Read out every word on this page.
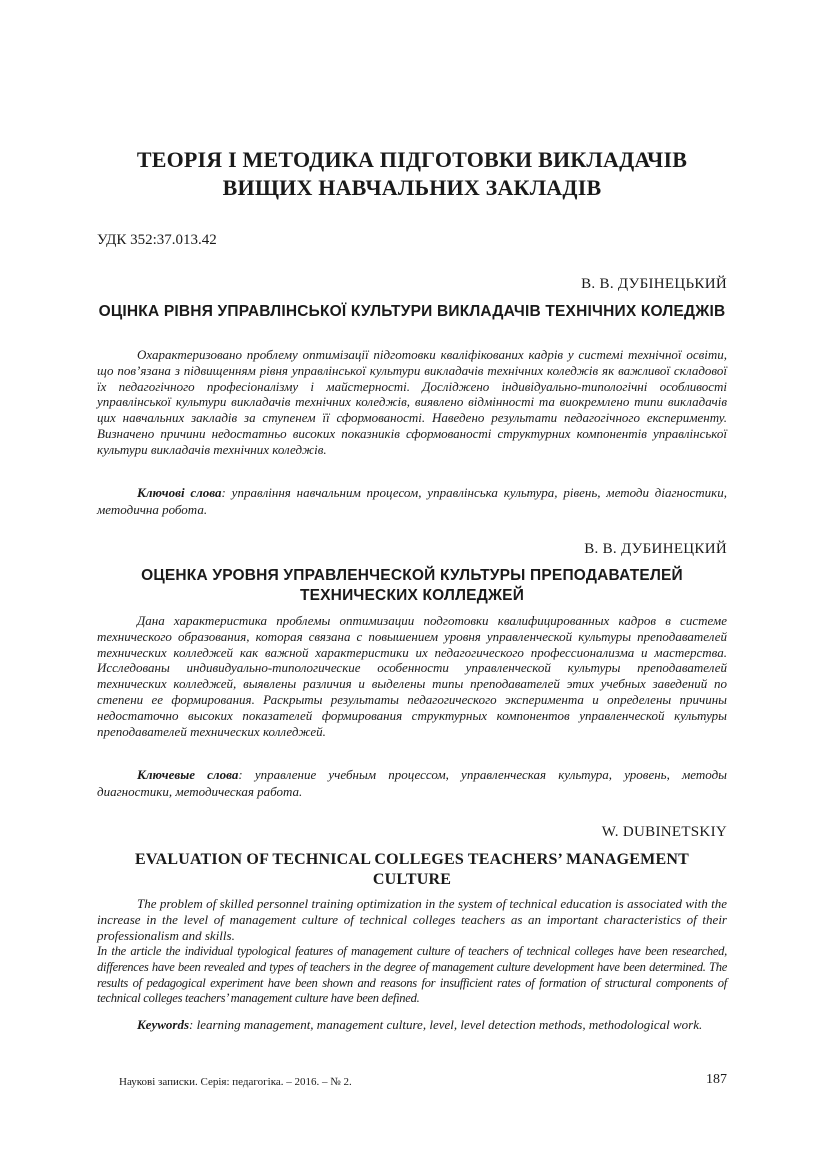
ТЕОРІЯ І МЕТОДИКА ПІДГОТОВКИ ВИКЛАДАЧІВ ВИЩИХ НАВЧАЛЬНИХ ЗАКЛАДІВ

УДК 352:37.013.42

В. В. ДУБІНЕЦЬКИЙ

ОЦІНКА РІВНЯ УПРАВЛІНСЬКОЇ КУЛЬТУРИ ВИКЛАДАЧІВ ТЕХНІЧНИХ КОЛЕДЖІВ

Охарактеризовано проблему оптимізації підготовки кваліфікованих кадрів у системі технічної освіти, що пов’язана з підвищенням рівня управлінської культури викладачів технічних коледжів як важливої складової їх педагогічного професіоналізму і майстерності. Досліджено індивідуально-типологічні особливості управлінської культури викладачів технічних коледжів, виявлено відмінності та виокремлено типи викладачів цих навчальних закладів за ступенем її сформованості. Наведено результати педагогічного експерименту. Визначено причини недостатньо високих показників сформованості структурних компонентів управлінської культури викладачів технічних коледжів.

Ключові слова: управління навчальним процесом, управлінська культура, рівень, методи діагностики, методична робота.

В. В. ДУБИНЕЦКИЙ

ОЦЕНКА УРОВНЯ УПРАВЛЕНЧЕСКОЙ КУЛЬТУРЫ ПРЕПОДАВАТЕЛЕЙ ТЕХНИЧЕСКИХ КОЛЛЕДЖЕЙ

Дана характеристика проблемы оптимизации подготовки квалифицированных кадров в системе технического образования, которая связана с повышением уровня управленческой культуры преподавателей технических колледжей как важной характеристики их педагогического профессионализма и мастерства. Исследованы индивидуально-типологические особенности управленческой культуры преподавателей технических колледжей, выявлены различия и выделены типы преподавателей этих учебных заведений по степени ее формирования. Раскрыты результаты педагогического эксперимента и определены причины недостаточно высоких показателей формирования структурных компонентов управленческой культуры преподавателей технических колледжей.

Ключевые слова: управление учебным процессом, управленческая культура, уровень, методы диагностики, методическая работа.

W. DUBINETSKIY

EVALUATION OF TECHNICAL COLLEGES TEACHERS’ MANAGEMENT CULTURE

The problem of skilled personnel training optimization in the system of technical education is associated with the increase in the level of management culture of technical colleges teachers as an important characteristics of their professionalism and skills.

In the article the individual typological features of management culture of teachers of technical colleges have been researched, differences have been revealed and types of teachers in the degree of management culture development have been determined. The results of pedagogical experiment have been shown and reasons for insufficient rates of formation of structural components of technical colleges teachers’ management culture have been defined.

Keywords: learning management, management culture, level, level detection methods, methodological work.

Наукові записки. Серія: педагогіка. – 2016. – № 2.	187
